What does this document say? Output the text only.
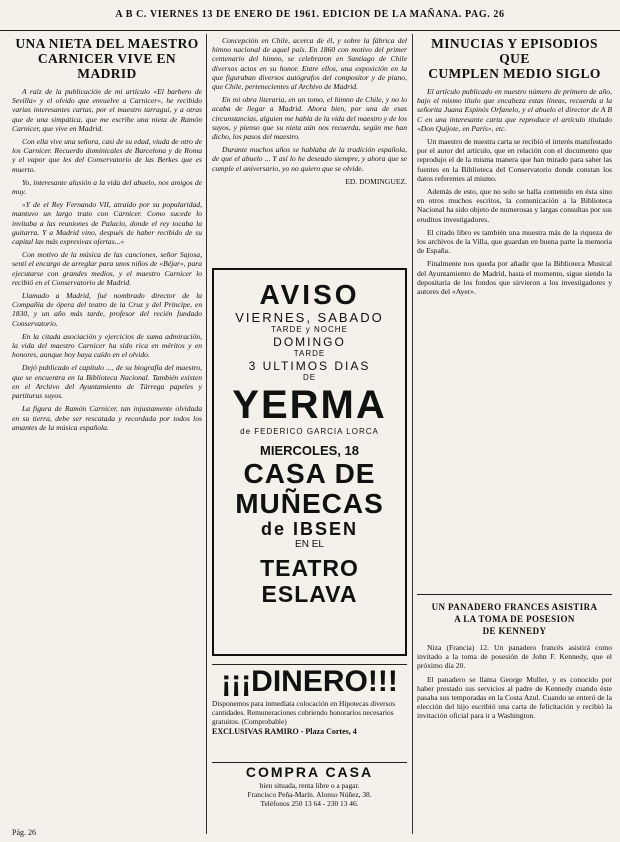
A B C. VIERNES 13 DE ENERO DE 1961. EDICION DE LA MAÑANA. PAG. 26
UNA NIETA DEL MAESTRO
CARNICER VIVE EN MADRID

A raíz de la publicación de mi artículo «El barbero de Sevilla» y el olvido que envuelve a Carnicer», he recibido varias interesantes cartas, por el maestro tarraguí, y a otras que de una simpática, que me escribe una nieta de Ramón Carnicer, que vive en Madrid.

Con ella vive una señora, casi de su edad, viuda de otro de los Carnicer. Recuerdo dominicales de Barcelona y de Roma y el vapor que les del Conservatorio de las Berkes que es muerto.

Yo, interesante alusión a la vida del abuelo, nos amigos de muy.

«Y de el Rey Fernando VII, atraído por su popularidad, mantuvo un largo trato con Carnicer. Como sucede lo invitaba a las reuniones de Palacio, donde el rey tocaba la guitarra. Y a Madrid vino, después de haber recibido de su capital las más expresivas ofertas...»

Con motivo de la música de las canciones, señor Sajosa, sentí el encargo de arreglar para unos niños de «Béjar», para ejecutarse con grandes medios, y el maestro Carnicer lo recibió en el Conservatorio de Madrid.

Llamado a Madrid, fué nombrado director de la Compañía de ópera del teatro de la Cruz y del Príncipe, en 1830, y un año más tarde, profesor del recién fundado Conservatorio.

En la citada asociación y ejercicios de suma admiración, la vida del maestro Carnicer ha sido rica en méritos y en honores, aunque hoy haya caído en el olvido.

Dejó publicado el capítulo ..., de su biografía del maestro, que se encuentra en la Biblioteca Nacional. También existen en el Archivo del Ayuntamiento de Tárrega papeles y partituras suyos.

La figura de Ramón Carnicer, tan injustamente olvidada en su tierra, debe ser rescatada y recordada por todos los amantes de la música española.

Concepción en Chile, acerca de él, y sobre la fábrica del himno nacional de aquel país. En 1860 con motivo del primer centenario del himno, se celebraron en Santiago de Chile diversos actos en su honor. Entre ellos, una exposición en la que figuraban diversos autógrafos del compositor y de piano, que Chile, pertenecientes al Archivo de Madrid.

En mi obra literaria, en un tomo, el himno de Chile, y no lo acaba de llegar a Madrid. Ahora bien, por una de esas circunstancias, alguien me habla de la vida del maestro y de los suyos, y pienso que su nieta aún nos recuerda, según me han dicho, los pasos del maestro.

Durante muchos años se hablaba de la tradición española, de que el abuelo ... Y así lo he deseado siempre, y ahora que se cumple el aniversario, yo no quiero que se olvide.

ED. DOMINGUEZ.
AVISO
VIERNES, SABADO
TARDE y NOCHE
DOMINGO
TARDE
3 ULTIMOS DIAS
DE
YERMA
de FEDERICO GARCIA LORCA
MIERCOLES, 18
CASA DE
MUÑECAS
de IBSEN
EN EL
TEATRO ESLAVA
¡¡¡DINERO!!!

Disponemos para inmediata colocación en Hipotecas diversos cantidades. Remuneraciones cubriendo honorarios necesarios gratuitos. (Comprobable)

EXCLUSIVAS RAMIRO - Plaza Cortes, 4
COMPRA CASA

bien situada, renta libre o a pagar.

Francisco Peña-Marín. Alonso Núñez, 38.

Teléfonos 250 13 64 - 230 13 46.

MINUCIAS Y EPISODIOS QUE
CUMPLEN MEDIO SIGLO

El artículo publicado en nuestro número de primero de año, bajo el mismo título que encabeza estas líneas, recuerda a la señorita Juana Espinós Orfanelo, y el abuelo el director de A B C en una interesante carta que reproduce el artículo titulado «Don Quijote, en París», etc.

Un maestro de nuestra carta se recibió el interés manifestado por el autor del artículo, que en relación con el documento que reprodujo el de la misma manera que han mirado para saber las fuentes en la Biblioteca del Conservatorio donde constan los datos referentes al mismo.

Además de esto, que no solo se halla contenido en ésta sino en otros muchos escritos, la comunicación a la Biblioteca Nacional ha sido objeto de numerosas y largas consultas por sus eruditos investigadores.

El citado libro es también una muestra más de la riqueza de los archivos de la Villa, que guardan en buena parte la memoria de España.

Finalmente nos queda por añadir que la Biblioteca Musical del Ayuntamiento de Madrid, hasta el momento, sigue siendo la depositaria de los fondos que sirvieron a los investigadores y autores del «Ayer».

UN PANADERO FRANCES ASISTIRA
A LA TOMA DE POSESION
DE KENNEDY

Niza (Francia) 12. Un panadero francés asistirá como invitado a la toma de posesión de John F. Kennedy, que el próximo día 20.

El panadero se llama George Muller, y es conocido por haber prestado sus servicios al padre de Kennedy cuando éste pasaba sus temporadas en la Costa Azul. Cuando se enteró de la elección del hijo escribió una carta de felicitación y recibió la invitación oficial para ir a Washington.

Pág. 26
